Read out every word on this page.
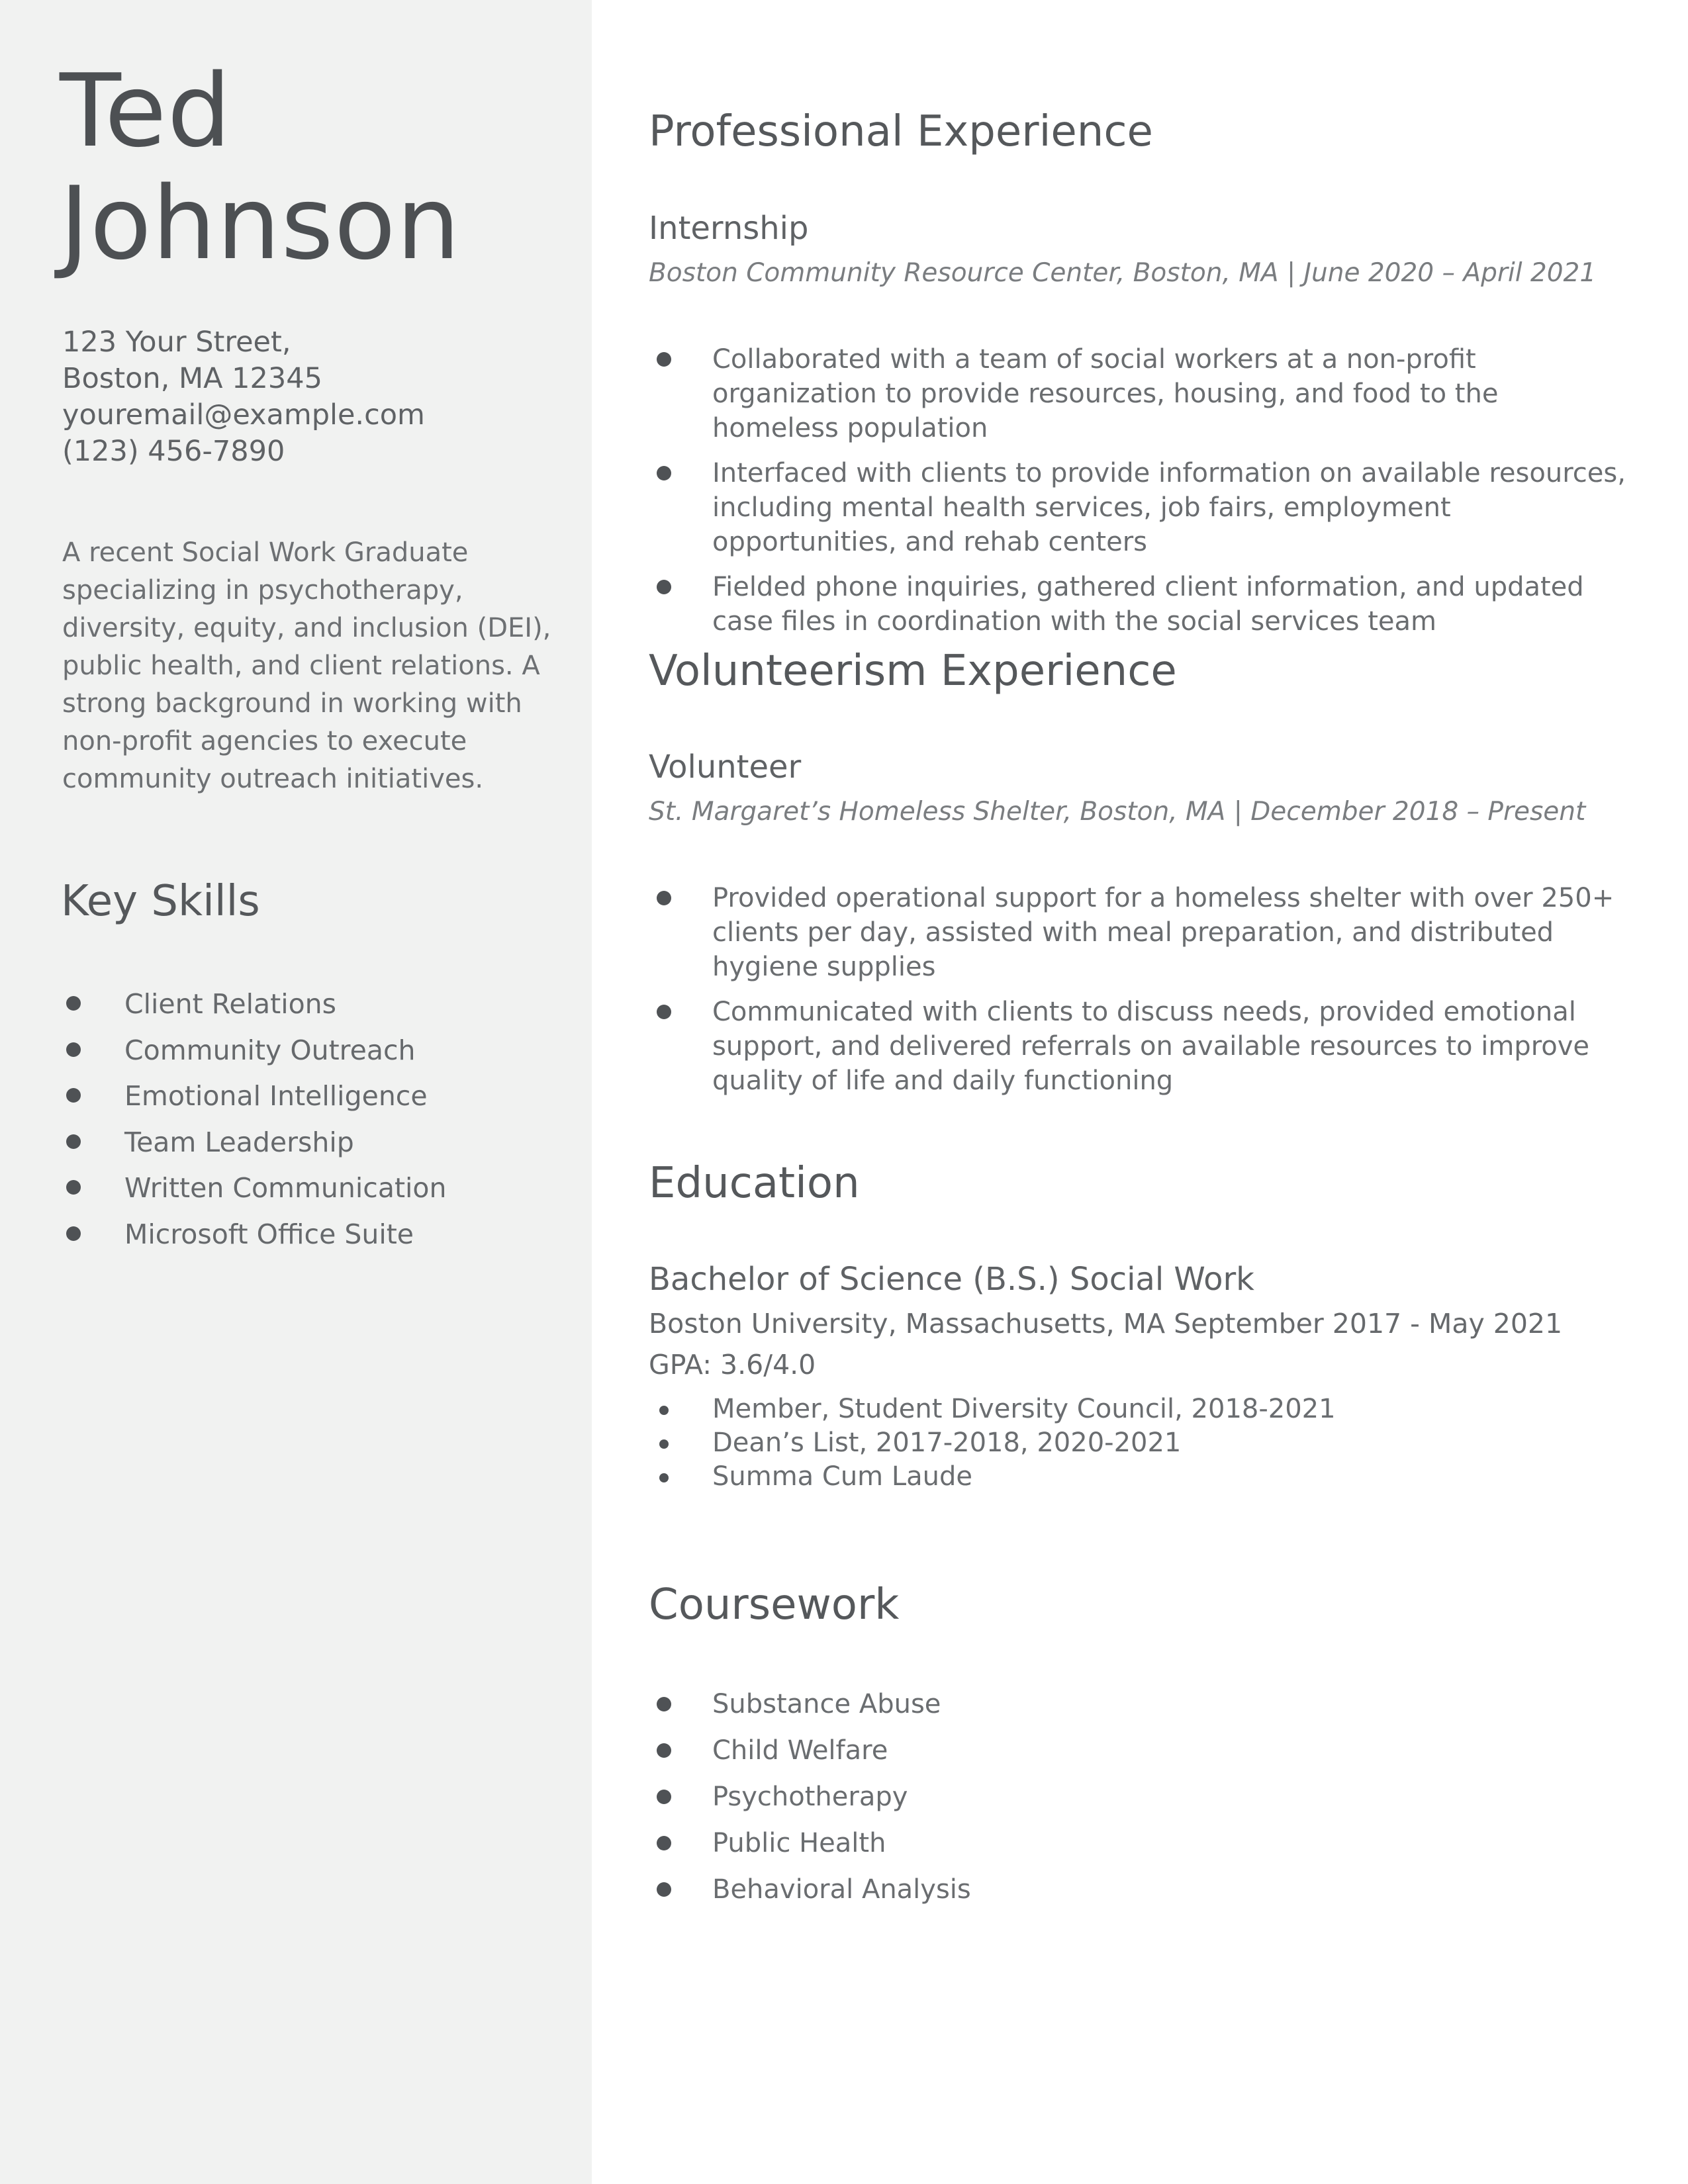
Ted
Johnson
123 Your Street,
Boston, MA 12345
youremail@example.com
(123) 456-7890

A recent Social Work Graduate specializing in psychotherapy, diversity, equity, and inclusion (DEI), public health, and client relations. A strong background in working with non-profit agencies to execute community outreach initiatives.

Key Skills
Client Relations
Community Outreach
Emotional Intelligence
Team Leadership
Written Communication
Microsoft Office Suite
Professional Experience
Internship
Boston Community Resource Center, Boston, MA | June 2020 – April 2021
Collaborated with a team of social workers at a non-profit organization to provide resources, housing, and food to the homeless population
Interfaced with clients to provide information on available resources, including mental health services, job fairs, employment opportunities, and rehab centers
Fielded phone inquiries, gathered client information, and updated case files in coordination with the social services team
Volunteerism Experience
Volunteer
St. Margaret’s Homeless Shelter, Boston, MA | December 2018 – Present
Provided operational support for a homeless shelter with over 250+ clients per day, assisted with meal preparation, and distributed hygiene supplies
Communicated with clients to discuss needs, provided emotional support, and delivered referrals on available resources to improve quality of life and daily functioning
Education
Bachelor of Science (B.S.) Social Work
Boston University, Massachusetts, MA September 2017 - May 2021
GPA: 3.6/4.0
Member, Student Diversity Council, 2018-2021
Dean’s List, 2017-2018, 2020-2021
Summa Cum Laude
Coursework
Substance Abuse
Child Welfare
Psychotherapy
Public Health
Behavioral Analysis
